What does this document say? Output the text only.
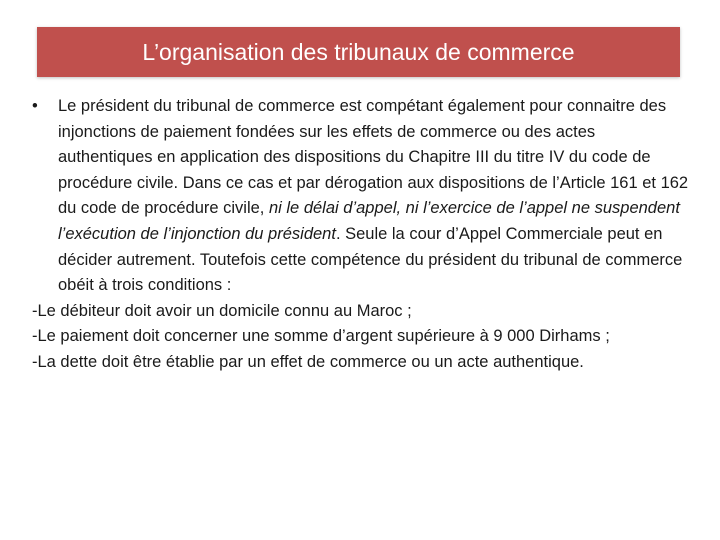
L’organisation des tribunaux de commerce

• Le président du tribunal de commerce est compétant également pour connaitre des injonctions de paiement fondées sur les effets de commerce ou des actes authentiques en application des dispositions du Chapitre III du titre IV du code de procédure civile. Dans ce cas et par dérogation aux dispositions de l’Article 161 et 162 du code de procédure civile, ni le délai d’appel, ni l’exercice de l’appel ne suspendent l’exécution de l’injonction du président. Seule la cour d’Appel Commerciale peut en décider autrement. Toutefois cette compétence du président du tribunal de commerce obéit à trois conditions :

-Le débiteur doit avoir un domicile connu au Maroc ;

-Le paiement doit concerner une somme d’argent supérieure à 9 000 Dirhams ;

-La dette doit être établie par un effet de commerce ou un acte authentique.
